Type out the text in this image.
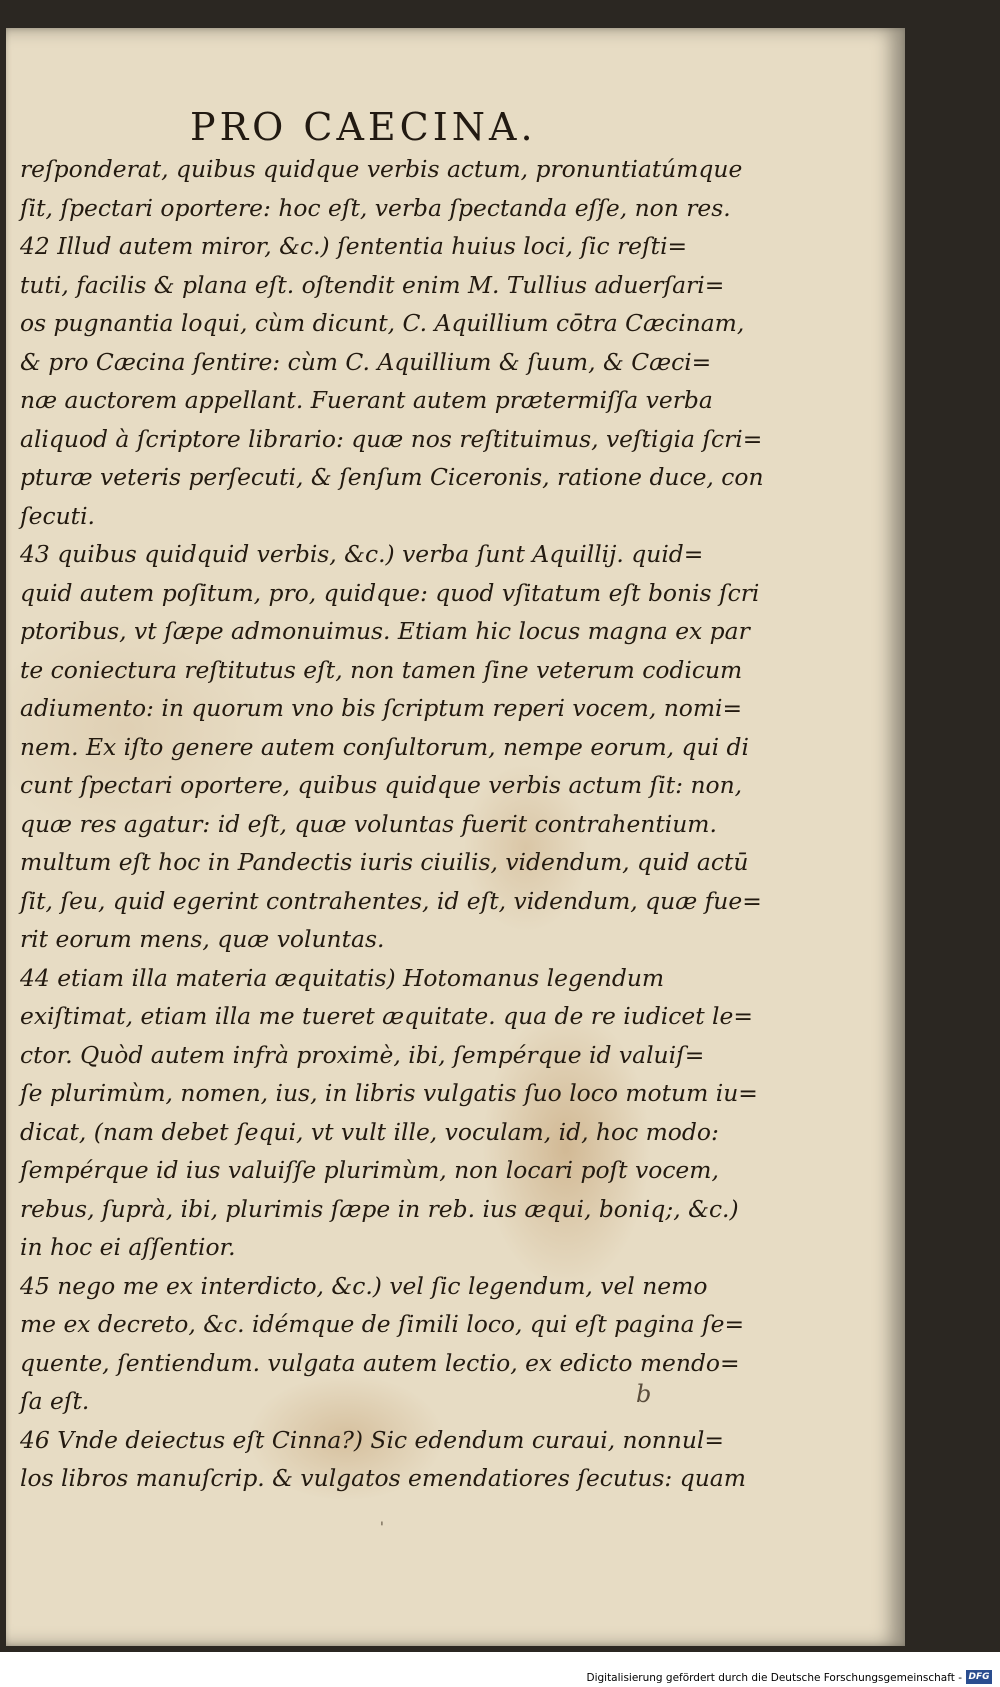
PRO CAECINA.
reſponderat, quibus quidque verbis actum, pronuntiatúmque
ſit, ſpectari oportere: hoc eſt, verba ſpectanda eſſe, non res.
42 Illud autem miror, &c.) ſententia huius loci, ſic reſti=
tuti, facilis & plana eſt. oſtendit enim M. Tullius aduerſari=
os pugnantia loqui, cùm dicunt, C. Aquillium cōtra Cæcinam,
& pro Cæcina ſentire: cùm C. Aquillium & ſuum, & Cæci=
næ auctorem appellant. Fuerant autem prætermiſſa verba
aliquod à ſcriptore librario: quæ nos reſtituimus, veſtigia ſcri=
pturæ veteris perſecuti, & ſenſum Ciceronis, ratione duce, con
ſecuti.
43 quibus quidquid verbis, &c.) verba ſunt Aquillij. quid=
quid autem poſitum, pro, quidque: quod vſitatum eſt bonis ſcri
ptoribus, vt ſæpe admonuimus. Etiam hic locus magna ex par
te coniectura reſtitutus eſt, non tamen ſine veterum codicum
adiumento: in quorum vno bis ſcriptum reperi vocem, nomi=
nem. Ex iſto genere autem conſultorum, nempe eorum, qui di
cunt ſpectari oportere, quibus quidque verbis actum ſit: non,
quæ res agatur: id eſt, quæ voluntas fuerit contrahentium.
multum eſt hoc in Pandectis iuris ciuilis, videndum, quid actū
ſit, ſeu, quid egerint contrahentes, id eſt, videndum, quæ fue=
rit eorum mens, quæ voluntas.
44 etiam illa materia æquitatis) Hotomanus legendum
exiſtimat, etiam illa me tueret æquitate. qua de re iudicet le=
ctor. Quòd autem infrà proximè, ibi, ſempérque id valuiſ=
ſe plurimùm, nomen, ius, in libris vulgatis ſuo loco motum iu=
dicat, (nam debet ſequi, vt vult ille, voculam, id, hoc modo:
ſempérque id ius valuiſſe plurimùm, non locari poſt vocem,
rebus, ſuprà, ibi, plurimis ſæpe in reb. ius æqui, boniq;, &c.)
in hoc ei aſſentior.
45 nego me ex interdicto, &c.) vel ſic legendum, vel nemo
me ex decreto, &c. idémque de ſimili loco, qui eſt pagina ſe=
quente, ſentiendum. vulgata autem lectio, ex edicto mendo=
ſa eſt.
46 Vnde deiectus eſt Cinna?) Sic edendum curaui, nonnul=
los libros manuſcrip. & vulgatos emendatiores ſecutus: quam
b
'
Digitalisierung gefördert durch die Deutsche Forschungsgemeinschaft - DFG
